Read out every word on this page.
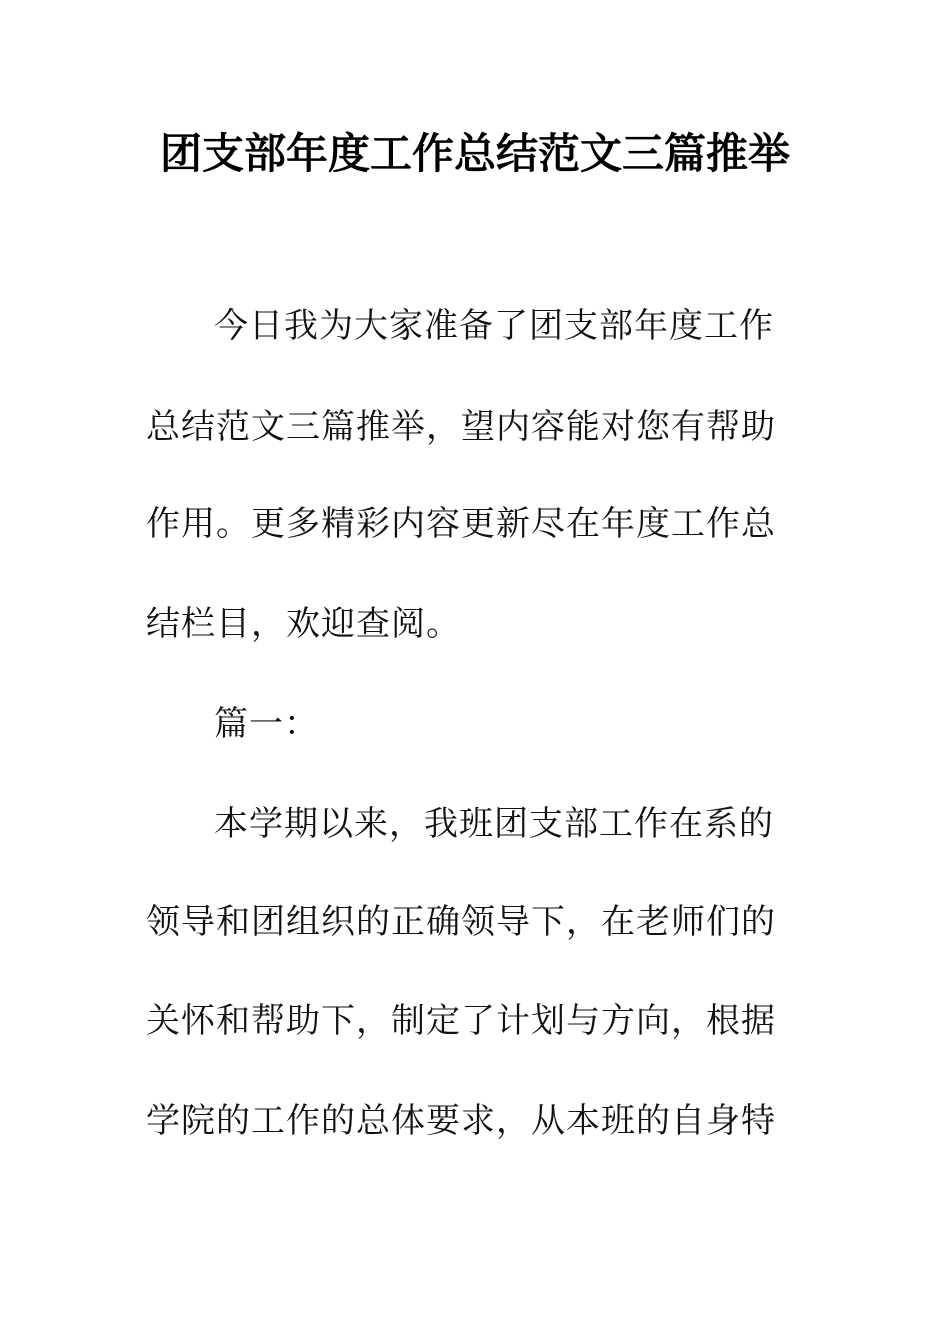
团支部年度工作总结范文三篇推举
今日我为大家准备了团支部年度工作
总结范文三篇推举，望内容能对您有帮助
作用。更多精彩内容更新尽在年度工作总
结栏目，欢迎查阅。
篇一：
本学期以来，我班团支部工作在系的
领导和团组织的正确领导下，在老师们的
关怀和帮助下，制定了计划与方向，根据
学院的工作的总体要求，从本班的自身特
